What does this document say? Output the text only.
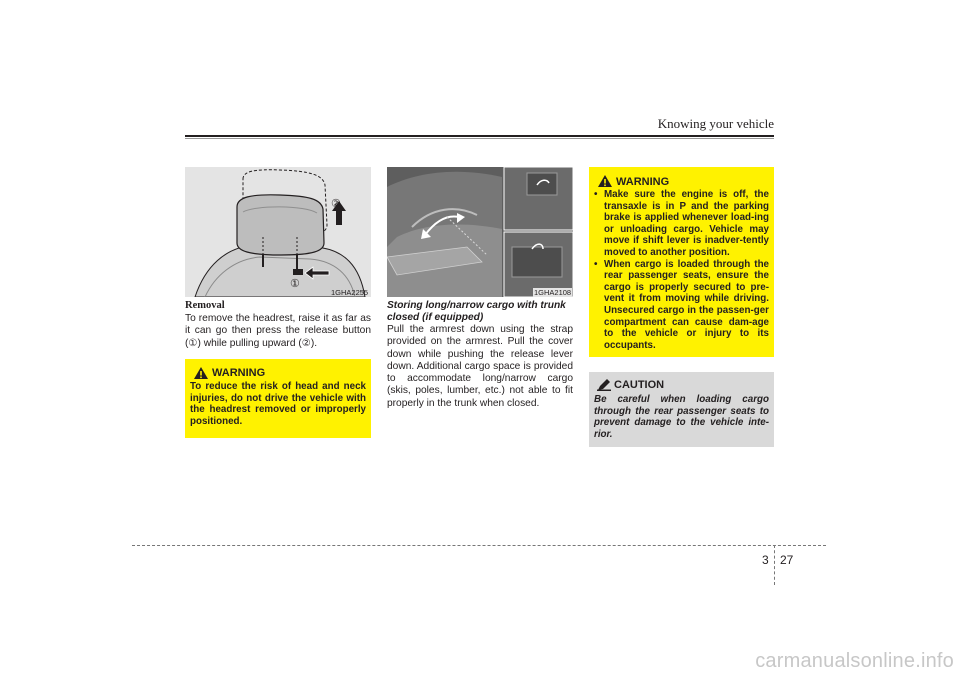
Knowing your vehicle
②
①
1GHA2255	1GHA2108
Removal
To remove the headrest, raise it as far as it can go then press the release button (①) while pulling upward (②).
WARNING
To reduce the risk of head and neck injuries, do not drive the vehicle with the headrest removed or improperly positioned.
Storing long/narrow cargo with trunk closed (if equipped)
Pull the armrest down using the strap provided on the armrest. Pull the cover down while pushing the release lever down. Additional cargo space is provided to accommodate long/narrow cargo (skis, poles, lumber, etc.) not able to fit properly in the trunk when closed.
WARNING
• Make sure the engine is off, the transaxle is in P and the parking brake is applied whenever load-ing or unloading cargo. Vehicle may move if shift lever is inadver-tently moved to another position.
• When cargo is loaded through the rear passenger seats, ensure the cargo is properly secured to pre-vent it from moving while driving. Unsecured cargo in the passen-ger compartment can cause dam-age to the vehicle or injury to its occupants.
CAUTION
Be careful when loading cargo through the rear passenger seats to prevent damage to the vehicle inte-rior.
3 27
carmanualsonline.info
